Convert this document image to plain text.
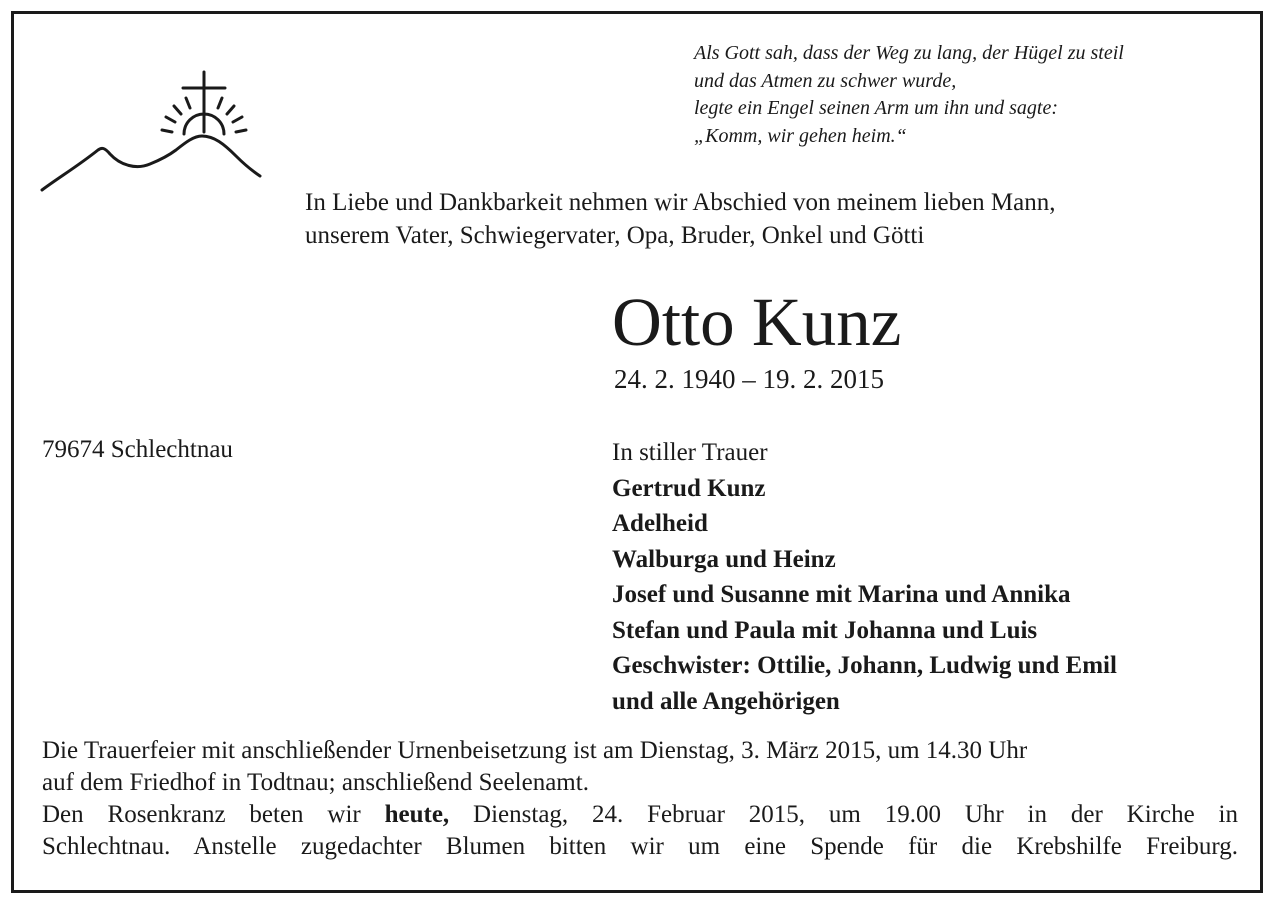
Als Gott sah, dass der Weg zu lang, der Hügel zu steil
und das Atmen zu schwer wurde,
legte ein Engel seinen Arm um ihn und sagte:
„Komm, wir gehen heim.“
In Liebe und Dankbarkeit nehmen wir Abschied von meinem lieben Mann,
unserem Vater, Schwiegervater, Opa, Bruder, Onkel und Götti
Otto Kunz
24. 2. 1940 – 19. 2. 2015
79674 Schlechtnau	In stiller Trauer
Gertrud Kunz
Adelheid
Walburga und Heinz
Josef und Susanne mit Marina und Annika
Stefan und Paula mit Johanna und Luis
Geschwister: Ottilie, Johann, Ludwig und Emil
und alle Angehörigen
Die Trauerfeier mit anschließender Urnenbeisetzung ist am Dienstag, 3. März 2015, um 14.30 Uhr
auf dem Friedhof in Todtnau; anschließend Seelenamt.
Den Rosenkranz beten wir heute, Dienstag, 24. Februar 2015, um 19.00 Uhr in der Kirche in
Schlechtnau. Anstelle zugedachter Blumen bitten wir um eine Spende für die Krebshilfe Freiburg.
